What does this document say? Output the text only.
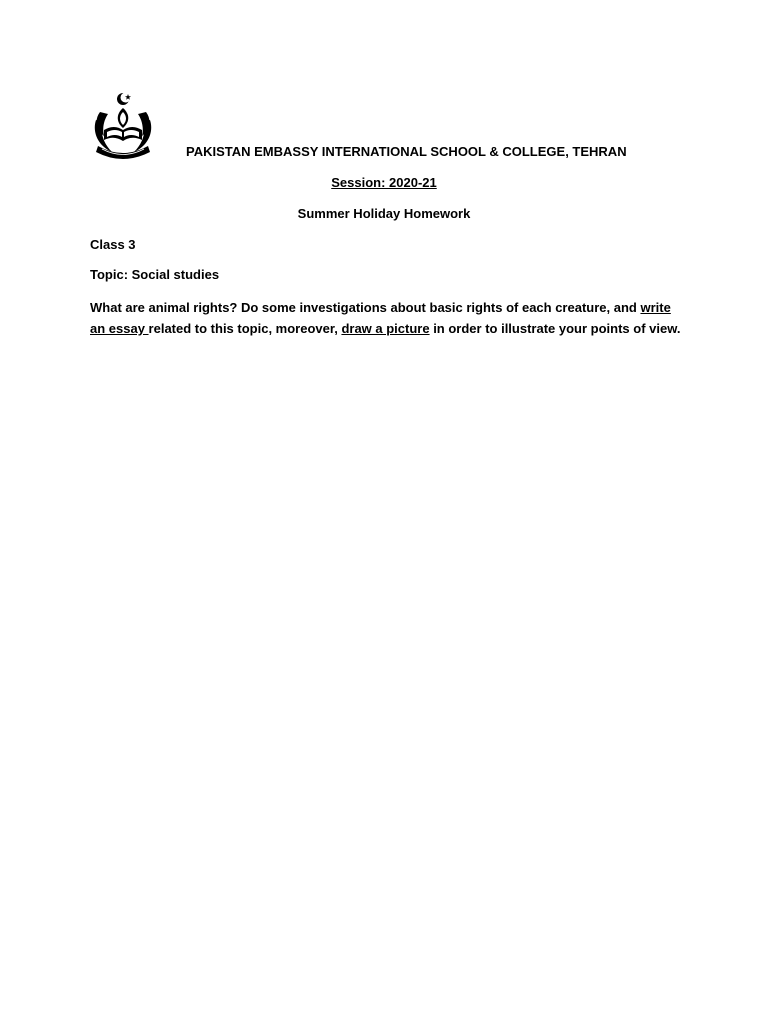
PAKISTAN EMBASSY INTERNATIONAL SCHOOL & COLLEGE, TEHRAN
Session: 2020-21
Summer Holiday Homework
Class 3
Topic: Social studies
What are animal rights? Do some investigations about basic rights of each creature, and write an essay related to this topic, moreover, draw a picture in order to illustrate your points of view.
